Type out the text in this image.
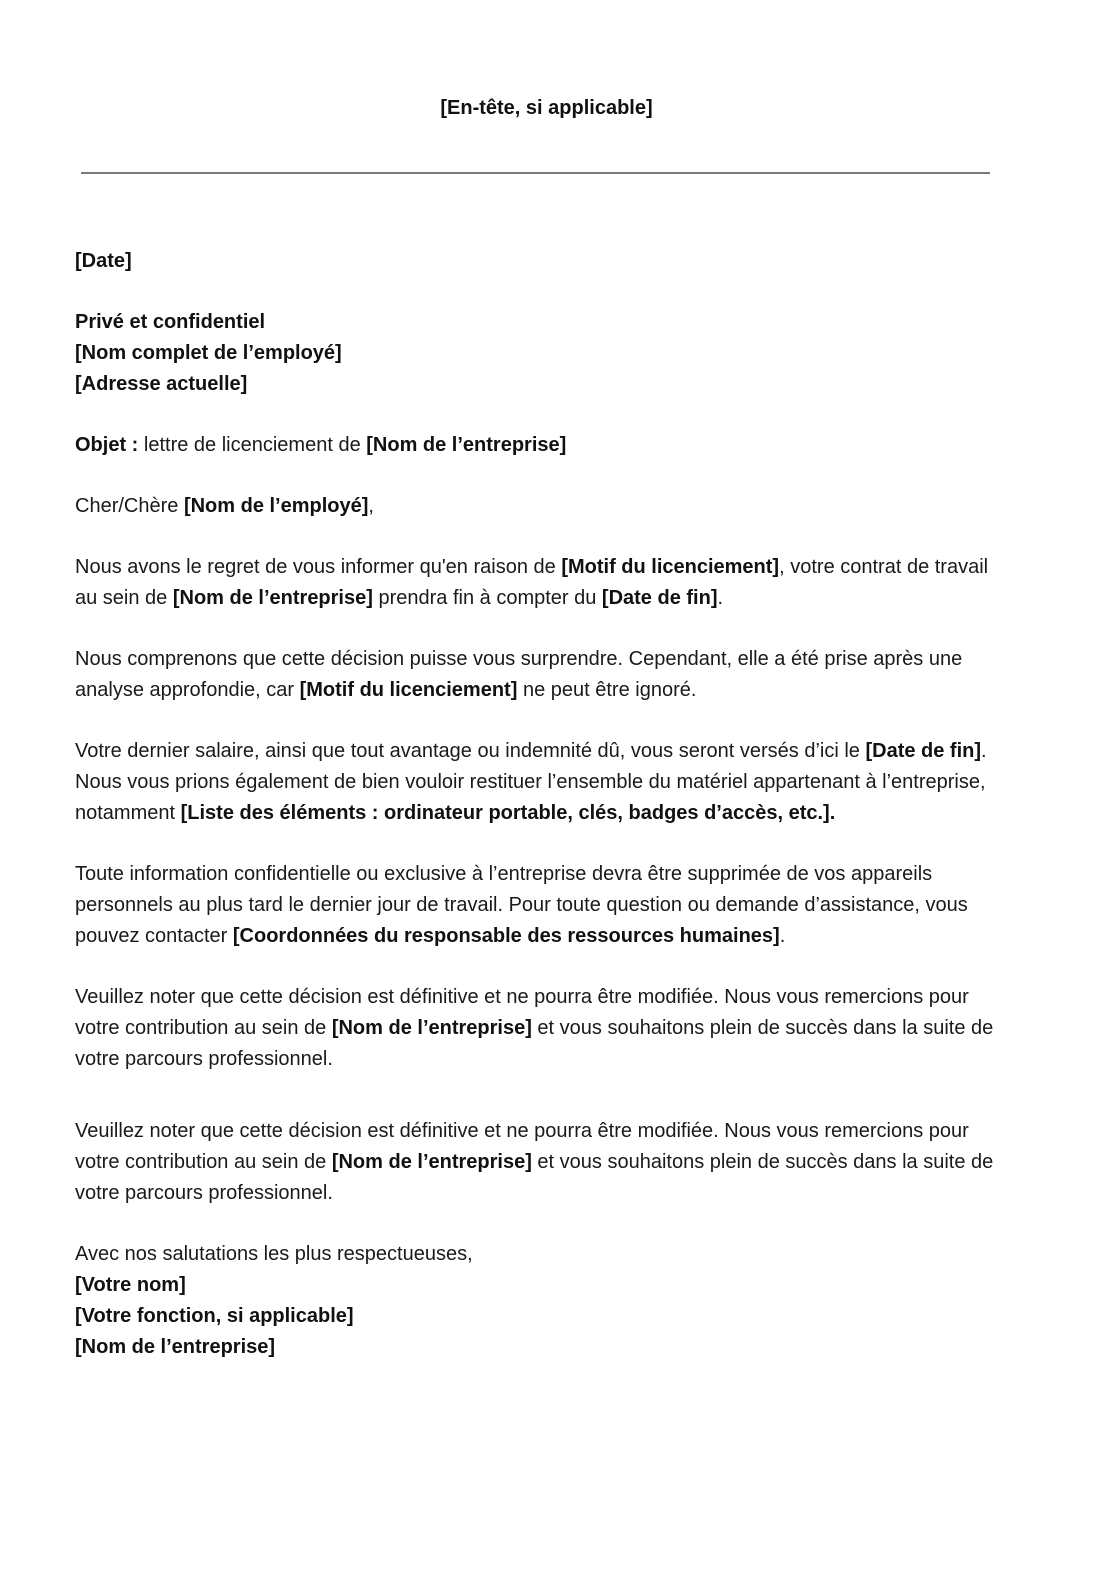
[En-tête, si applicable]

[Date]

Privé et confidentiel
[Nom complet de l’employé]
[Adresse actuelle]

Objet : lettre de licenciement de [Nom de l’entreprise]

Cher/Chère [Nom de l’employé],

Nous avons le regret de vous informer qu'en raison de [Motif du licenciement], votre contrat de travail au sein de [Nom de l’entreprise] prendra fin à compter du [Date de fin].

Nous comprenons que cette décision puisse vous surprendre. Cependant, elle a été prise après une analyse approfondie, car [Motif du licenciement] ne peut être ignoré.

Votre dernier salaire, ainsi que tout avantage ou indemnité dû, vous seront versés d’ici le [Date de fin]. Nous vous prions également de bien vouloir restituer l’ensemble du matériel appartenant à l’entreprise, notamment [Liste des éléments : ordinateur portable, clés, badges d’accès, etc.].

Toute information confidentielle ou exclusive à l’entreprise devra être supprimée de vos appareils personnels au plus tard le dernier jour de travail. Pour toute question ou demande d’assistance, vous pouvez contacter [Coordonnées du responsable des ressources humaines].

Veuillez noter que cette décision est définitive et ne pourra être modifiée. Nous vous remercions pour votre contribution au sein de [Nom de l’entreprise] et vous souhaitons plein de succès dans la suite de votre parcours professionnel.

Veuillez noter que cette décision est définitive et ne pourra être modifiée. Nous vous remercions pour votre contribution au sein de [Nom de l’entreprise] et vous souhaitons plein de succès dans la suite de votre parcours professionnel.

Avec nos salutations les plus respectueuses,
[Votre nom]
[Votre fonction, si applicable]
[Nom de l’entreprise]
